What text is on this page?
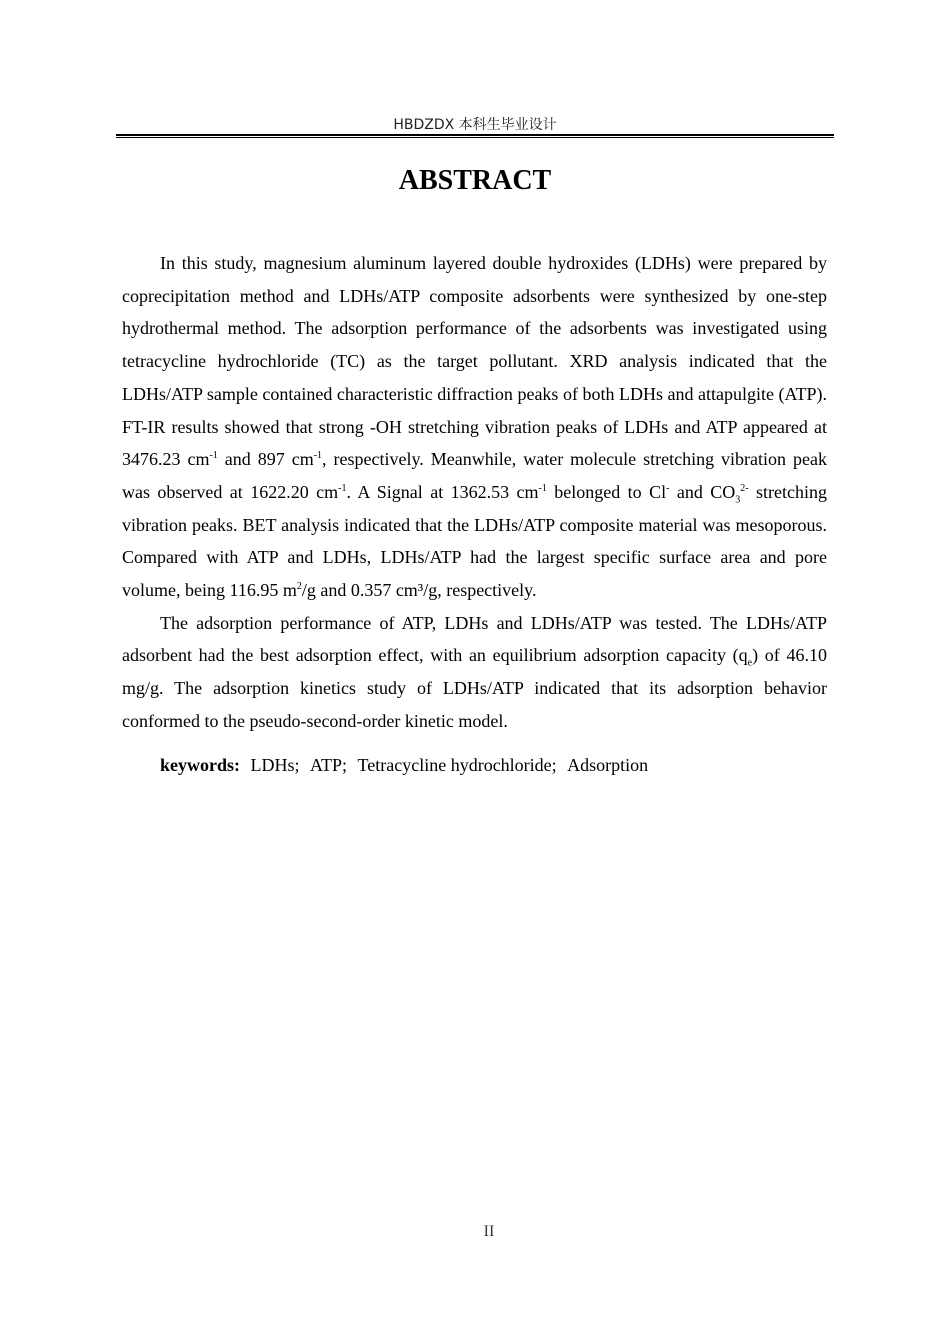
HBDZDX 本科生毕业设计
ABSTRACT

In this study, magnesium aluminum layered double hydroxides (LDHs) were prepared by coprecipitation method and LDHs/ATP composite adsorbents were synthesized by one-step hydrothermal method. The adsorption performance of the adsorbents was investigated using tetracycline hydrochloride (TC) as the target pollutant. XRD analysis indicated that the LDHs/ATP sample contained characteristic diffraction peaks of both LDHs and attapulgite (ATP). FT-IR results showed that strong -OH stretching vibration peaks of LDHs and ATP appeared at 3476.23 $cm^{-1}$ and 897 $cm^{-1}$, respectively. Meanwhile, water molecule stretching vibration peak was observed at 1622.20 $cm^{-1}$. A Signal at 1362.53 $cm^{-1}$ belonged to Cl- and $CO_3^{2-}$ stretching vibration peaks. BET analysis indicated that the LDHs/ATP composite material was mesoporous. Compared with ATP and LDHs, LDHs/ATP had the largest specific surface area and pore volume, being 116.95 $m^2/g$ and 0.357 cm³/g, respectively.

The adsorption performance of ATP, LDHs and LDHs/ATP was tested. The LDHs/ATP adsorbent had the best adsorption effect, with an equilibrium adsorption capacity $(q_e)$ of 46.10 mg/g. The adsorption kinetics study of LDHs/ATP indicated that its adsorption behavior conformed to the pseudo-second-order kinetic model.

keywords: LDHs; ATP; Tetracycline hydrochloride; Adsorption
II
